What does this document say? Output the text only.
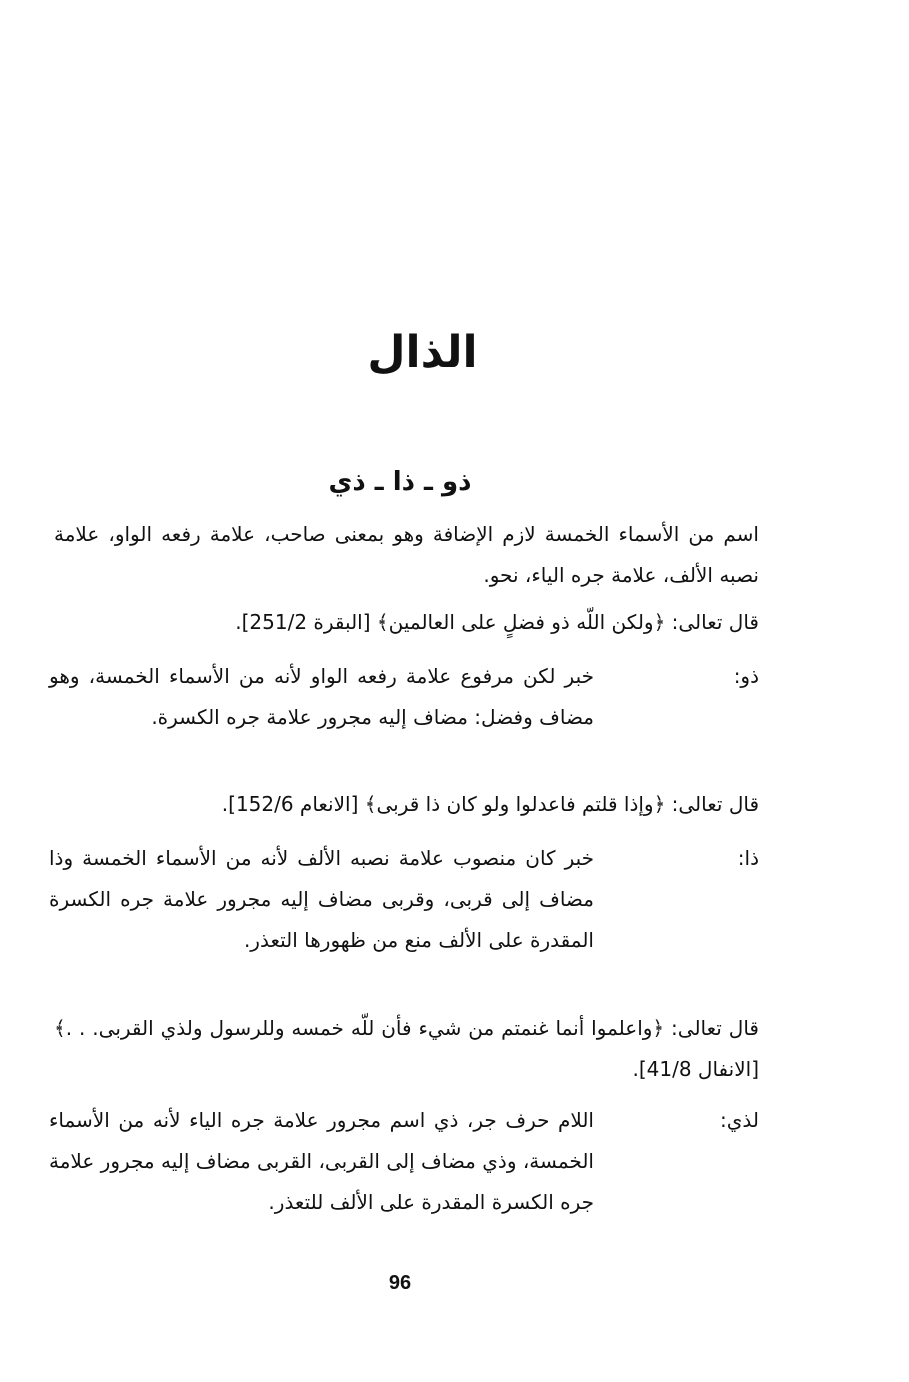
الذال
ذو ـ ذا ـ ذي
اسم من الأسماء الخمسة لازم الإضافة وهو بمعنى صاحب، علامة رفعه الواو، علامة نصبه الألف، علامة جره الياء، نحو.
قال تعالى: ﴿ولكن اللّه ذو فضلٍ على العالمين﴾ [البقرة 251/2].
ذو:
خبر لكن مرفوع علامة رفعه الواو لأنه من الأسماء الخمسة، وهو مضاف وفضل: مضاف إليه مجرور علامة جره الكسرة.
قال تعالى: ﴿وإذا قلتم فاعدلوا ولو كان ذا قربى﴾ [الانعام 152/6].
ذا:
خبر كان منصوب علامة نصبه الألف لأنه من الأسماء الخمسة وذا مضاف إلى قربى، وقربى مضاف إليه مجرور علامة جره الكسرة المقدرة على الألف منع من ظهورها التعذر.
قال تعالى: ﴿واعلموا أنما غنمتم من شيء فأن للّه خمسه وللرسول ولذي القربى. . .﴾ [الانفال 41/8].
لذي:
اللام حرف جر، ذي اسم مجرور علامة جره الياء لأنه من الأسماء الخمسة، وذي مضاف إلى القربى، القربى مضاف إليه مجرور علامة جره الكسرة المقدرة على الألف للتعذر.
96
